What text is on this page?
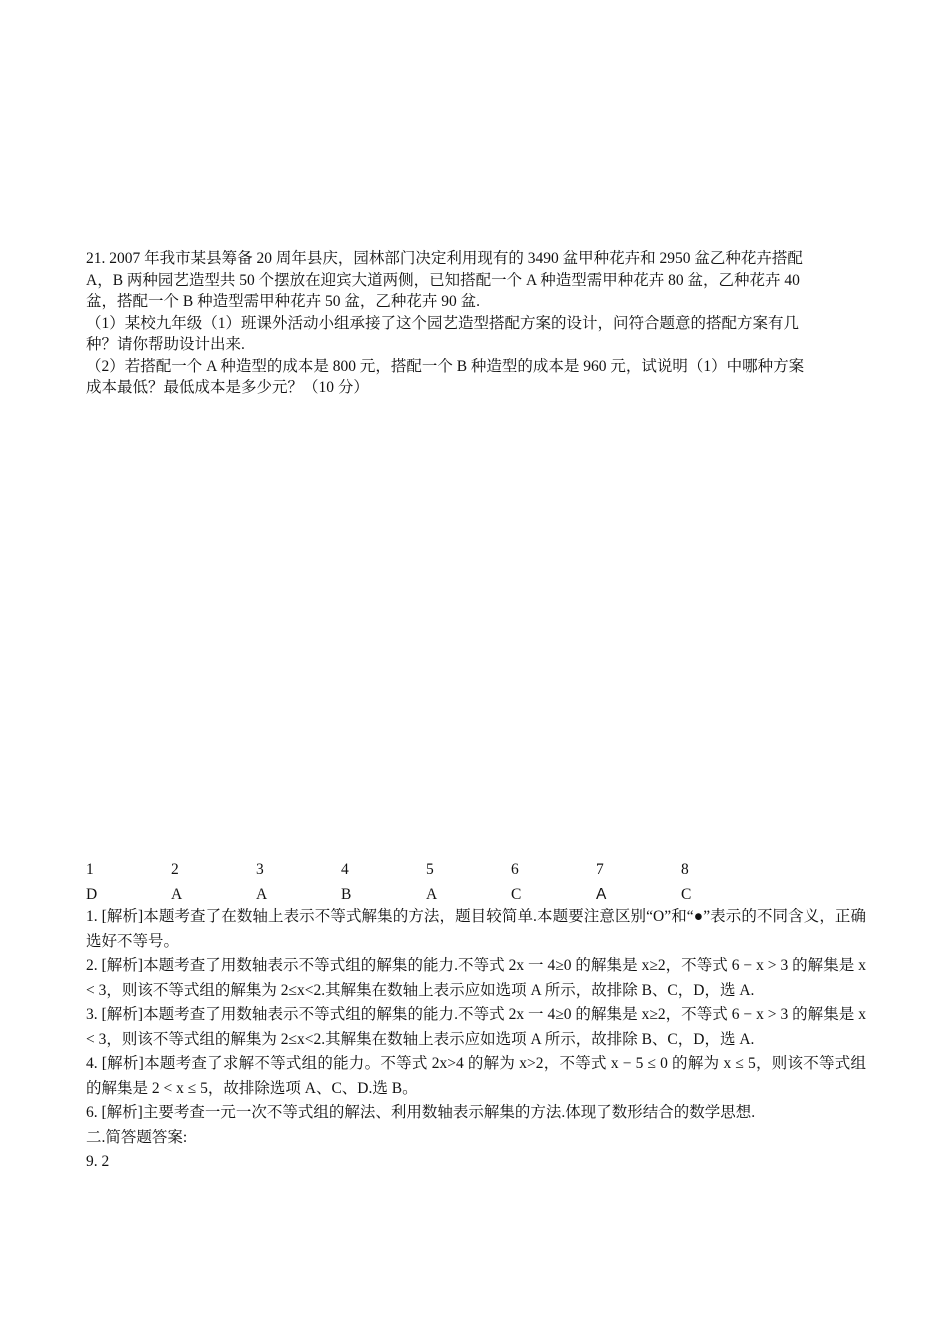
21. 2007 年我市某县筹备 20 周年县庆，园林部门决定利用现有的 3490 盆甲种花卉和 2950 盆乙种花卉搭配

A，B 两种园艺造型共 50 个摆放在迎宾大道两侧，已知搭配一个 A 种造型需甲种花卉 80 盆，乙种花卉 40

盆，搭配一个 B 种造型需甲种花卉 50 盆，乙种花卉 90 盆.

（1）某校九年级（1）班课外活动小组承接了这个园艺造型搭配方案的设计，问符合题意的搭配方案有几

种？请你帮助设计出来.

（2）若搭配一个 A 种造型的成本是 800 元，搭配一个 B 种造型的成本是 960 元，试说明（1）中哪种方案

成本最低？最低成本是多少元？（10 分）

1	2	3	4	5	6	7	8
D	A	A	B	A	C	A	C

1. [解析]本题考查了在数轴上表示不等式解集的方法，题目较简单.本题要注意区别“O”和“●”表示的不同含义，正确选好不等号。

2. [解析]本题考查了用数轴表示不等式组的解集的能力.不等式 2x 一 4≥0 的解集是 x≥2，不等式 6 − x > 3 的解集是 x < 3，则该不等式组的解集为 2≤x<2.其解集在数轴上表示应如选项 A 所示，故排除 B、C，D，选 A.

3. [解析]本题考查了用数轴表示不等式组的解集的能力.不等式 2x 一 4≥0 的解集是 x≥2，不等式 6 − x > 3 的解集是 x < 3，则该不等式组的解集为 2≤x<2.其解集在数轴上表示应如选项 A 所示，故排除 B、C，D，选 A.

4. [解析]本题考查了求解不等式组的能力。不等式 2x>4 的解为 x>2，不等式 x − 5 ≤ 0 的解为 x ≤ 5，则该不等式组的解集是 2 < x ≤ 5，故排除选项 A、C、D.选 B。

6. [解析]主要考查一元一次不等式组的解法、利用数轴表示解集的方法.体现了数形结合的数学思想.

二.简答题答案:

9. 2
